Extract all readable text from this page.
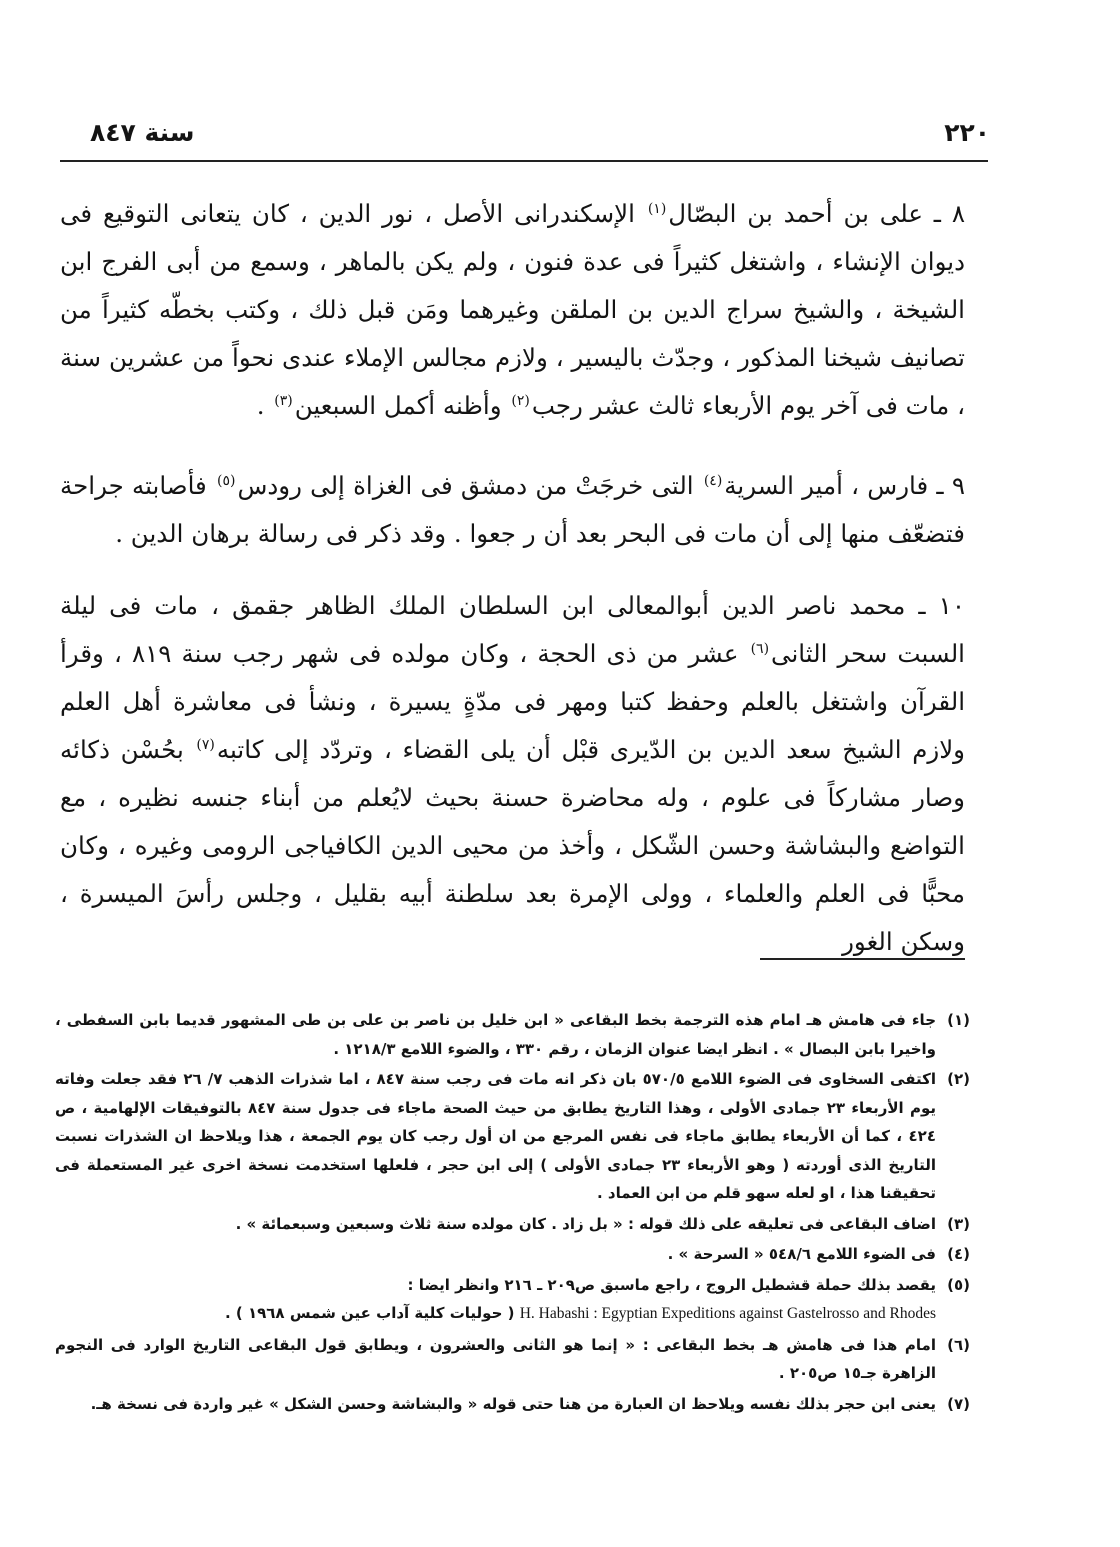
٢٢٠
سنة ٨٤٧

٨ ـ على بن أحمد بن البصّال$^{(١)}$ الإسكندرانى الأصل ، نور الدين ، كان يتعانى التوقيع فى ديوان الإنشاء ، واشتغل كثيراً فى عدة فنون ، ولم يكن بالماهر ، وسمع من أبى الفرج ابن الشيخة ، والشيخ سراج الدين بن الملقن وغيرهما ومَن قبل ذلك ، وكتب بخطّه كثيراً من تصانيف شيخنا المذكور ، وجدّث باليسير ، ولازم مجالس الإملاء عندى نحواً من عشرين سنة ، مات فى آخر يوم الأربعاء ثالث عشر رجب$^{(٢)}$ وأظنه أكمل السبعين$^{(٣)}$ .

٩ ـ فارس ، أمير السرية$^{(٤)}$ التى خرجَتْ من دمشق فى الغزاة إلى رودس$^{(٥)}$ فأصابته جراحة فتضعّف منها إلى أن مات فى البحر بعد أن ر جعوا . وقد ذكر فى رسالة برهان الدين .

١٠ ـ محمد ناصر الدين أبوالمعالى ابن السلطان الملك الظاهر جقمق ، مات فى ليلة السبت سحر الثانى$^{(٦)}$ عشر من ذى الحجة ، وكان مولده فى شهر رجب سنة ٨١٩ ، وقرأ القرآن واشتغل بالعلم وحفظ كتبا ومهر فى مدّةٍ يسيرة ، ونشأ فى معاشرة أهل العلم ولازم الشيخ سعد الدين بن الدّيرى قبْل أن يلى القضاء ، وتردّد إلى كاتبه$^{(٧)}$ بحُسْن ذكائه وصار مشاركاً فى علوم ، وله محاضرة حسنة بحيث لايُعلم من أبناء جنسه نظيره ، مع التواضع والبشاشة وحسن الشّكل ، وأخذ من محيى الدين الكافياجى الرومى وغيره ، وكان محبًّا فى العلم والعلماء ، وولى الإمرة بعد سلطنة أبيه بقليل ، وجلس رأسَ الميسرة ، وسكن الغور

(١)
جاء فى هامش هـ امام هذه الترجمة بخط البقاعى « ابن خليل بن ناصر بن على بن طى المشهور قديما بابن السفطى ، واخيرا بابن البصال » . انظر ايضا عنوان الزمان ، رقم ٣٣٠ ، والضوء اللامع ١٢١٨/٣ .

(٢)
اكتفى السخاوى فى الضوء اللامع ٥٧٠/٥ بان ذكر انه مات فى رجب سنة ٨٤٧ ، اما شذرات الذهب ٧/ ٢٦ فقد جعلت وفاته يوم الأربعاء ٢٣ جمادى الأولى ، وهذا التاريخ يطابق من حيث الصحة ماجاء فى جدول سنة ٨٤٧ بالتوفيقات الإلهامية ، ص ٤٢٤ ، كما أن الأربعاء يطابق ماجاء فى نفس المرجع من ان أول رجب كان يوم الجمعة ، هذا ويلاحظ ان الشذرات نسبت التاريخ الذى أوردته ( وهو الأربعاء ٢٣ جمادى الأولى ) إلى ابن حجر ، فلعلها استخدمت نسخة اخرى غير المستعملة فى تحقيقنا هذا ، او لعله سهو قلم من ابن العماد .

(٣)
اضاف البقاعى فى تعليقه على ذلك قوله : « بل زاد . كان مولده سنة ثلاث وسبعين وسبعمائة » .

(٤)
فى الضوء اللامع ٥٤٨/٦ « السرحة » .

(٥)
يقصد بذلك حملة قشطيل الروج ، راجع ماسبق ص٢٠٩ ـ ٢١٦ وانظر ايضا :
H. Habashi : Egyptian Expeditions against Gastelrosso and Rhodes ( حوليات كلية آداب عين شمس ١٩٦٨ ) .

(٦)
امام هذا فى هامش هـ بخط البقاعى : « إنما هو الثانى والعشرون ، ويطابق قول البقاعى التاريخ الوارد فى النجوم الزاهرة جـ١٥ ص٢٠٥ .

(٧)
يعنى ابن حجر بذلك نفسه ويلاحظ ان العبارة من هنا حتى قوله « والبشاشة وحسن الشكل » غير واردة فى نسخة هـ.
